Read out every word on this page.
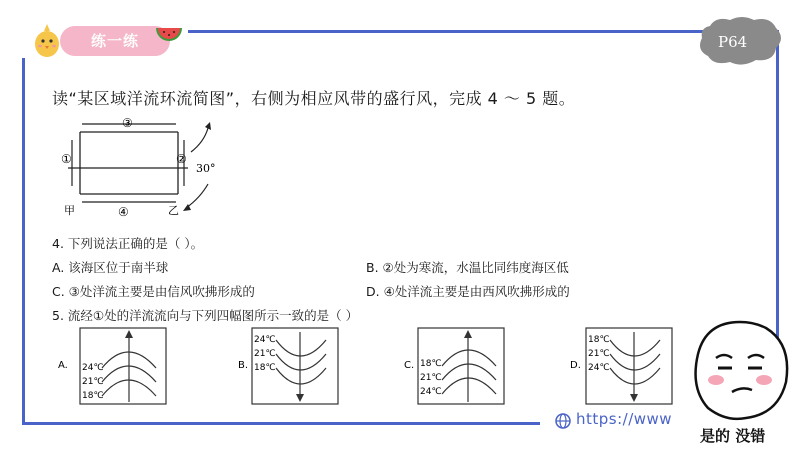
练一练	P64
读“某区域洋流环流简图”，右侧为相应风带的盛行风，完成 4 ～ 5 题。
③
①	②
④
甲	乙
30°
4. 下列说法正确的是（ ）。
A. 该海区位于南半球	B. ②处为寒流，水温比同纬度海区低
C. ③处洋流主要是由信风吹拂形成的	D. ④处洋流主要是由西风吹拂形成的
5. 流经①处的洋流流向与下列四幅图所示一致的是（ ）
A. 24℃
21℃
18℃
B.
24℃
21℃
18℃	C. 18℃
21℃
24℃
D.
18℃
21℃
24℃
https://www
是的 没错
